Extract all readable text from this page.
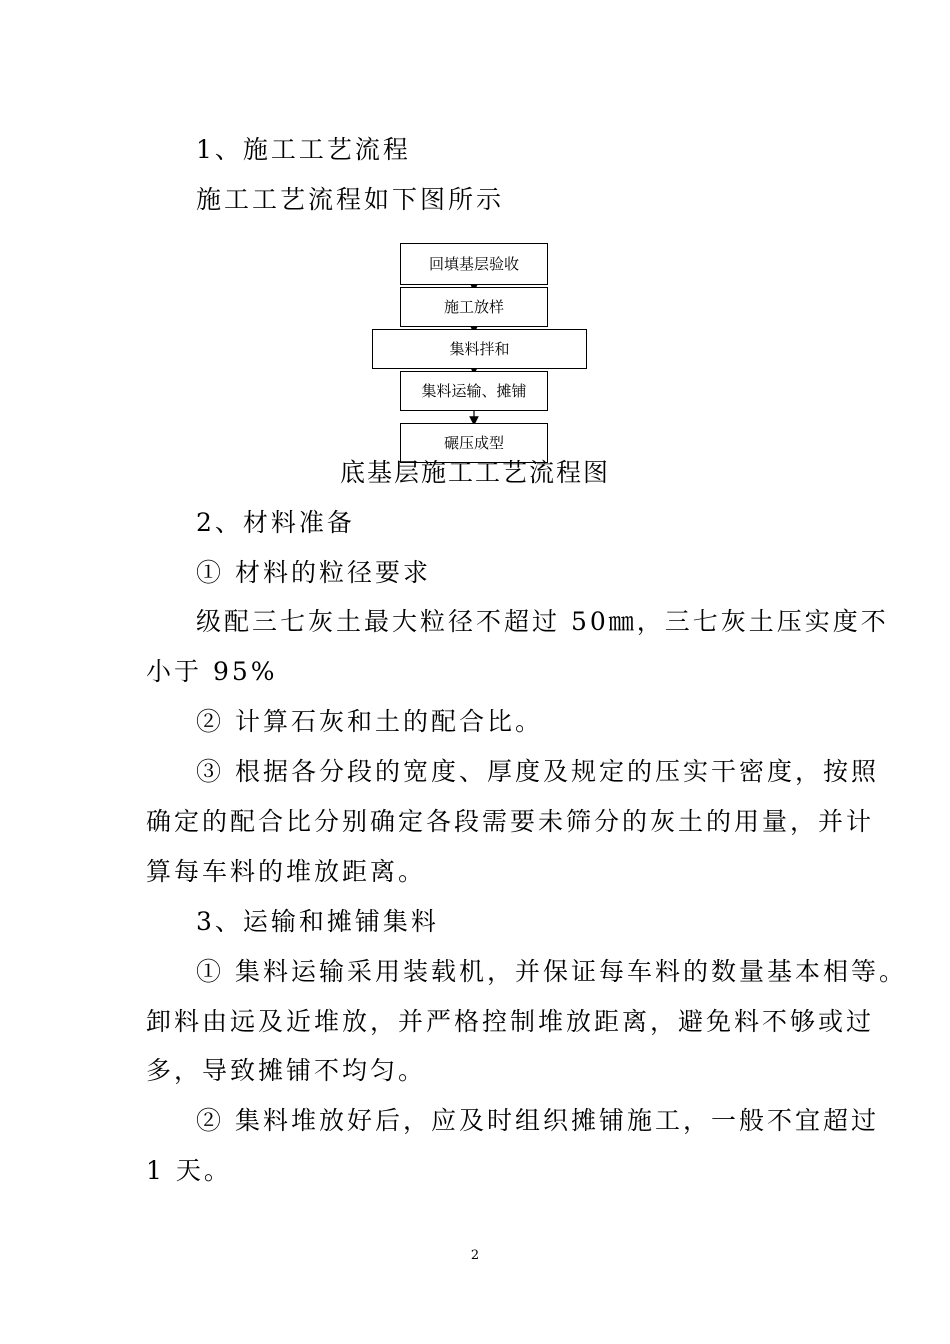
1、施工工艺流程
施工工艺流程如下图所示
回填基层验收
施工放样
集料拌和
集料运输、摊铺
碾压成型
底基层施工工艺流程图
2、材料准备
① 材料的粒径要求
级配三七灰土最大粒径不超过 50㎜，三七灰土压实度不
小于 95%
② 计算石灰和土的配合比。
③ 根据各分段的宽度、厚度及规定的压实干密度，按照
确定的配合比分别确定各段需要未筛分的灰土的用量，并计
算每车料的堆放距离。
3、运输和摊铺集料
① 集料运输采用装载机，并保证每车料的数量基本相等。
卸料由远及近堆放，并严格控制堆放距离，避免料不够或过
多，导致摊铺不均匀。
② 集料堆放好后，应及时组织摊铺施工，一般不宜超过
1 天。
2
